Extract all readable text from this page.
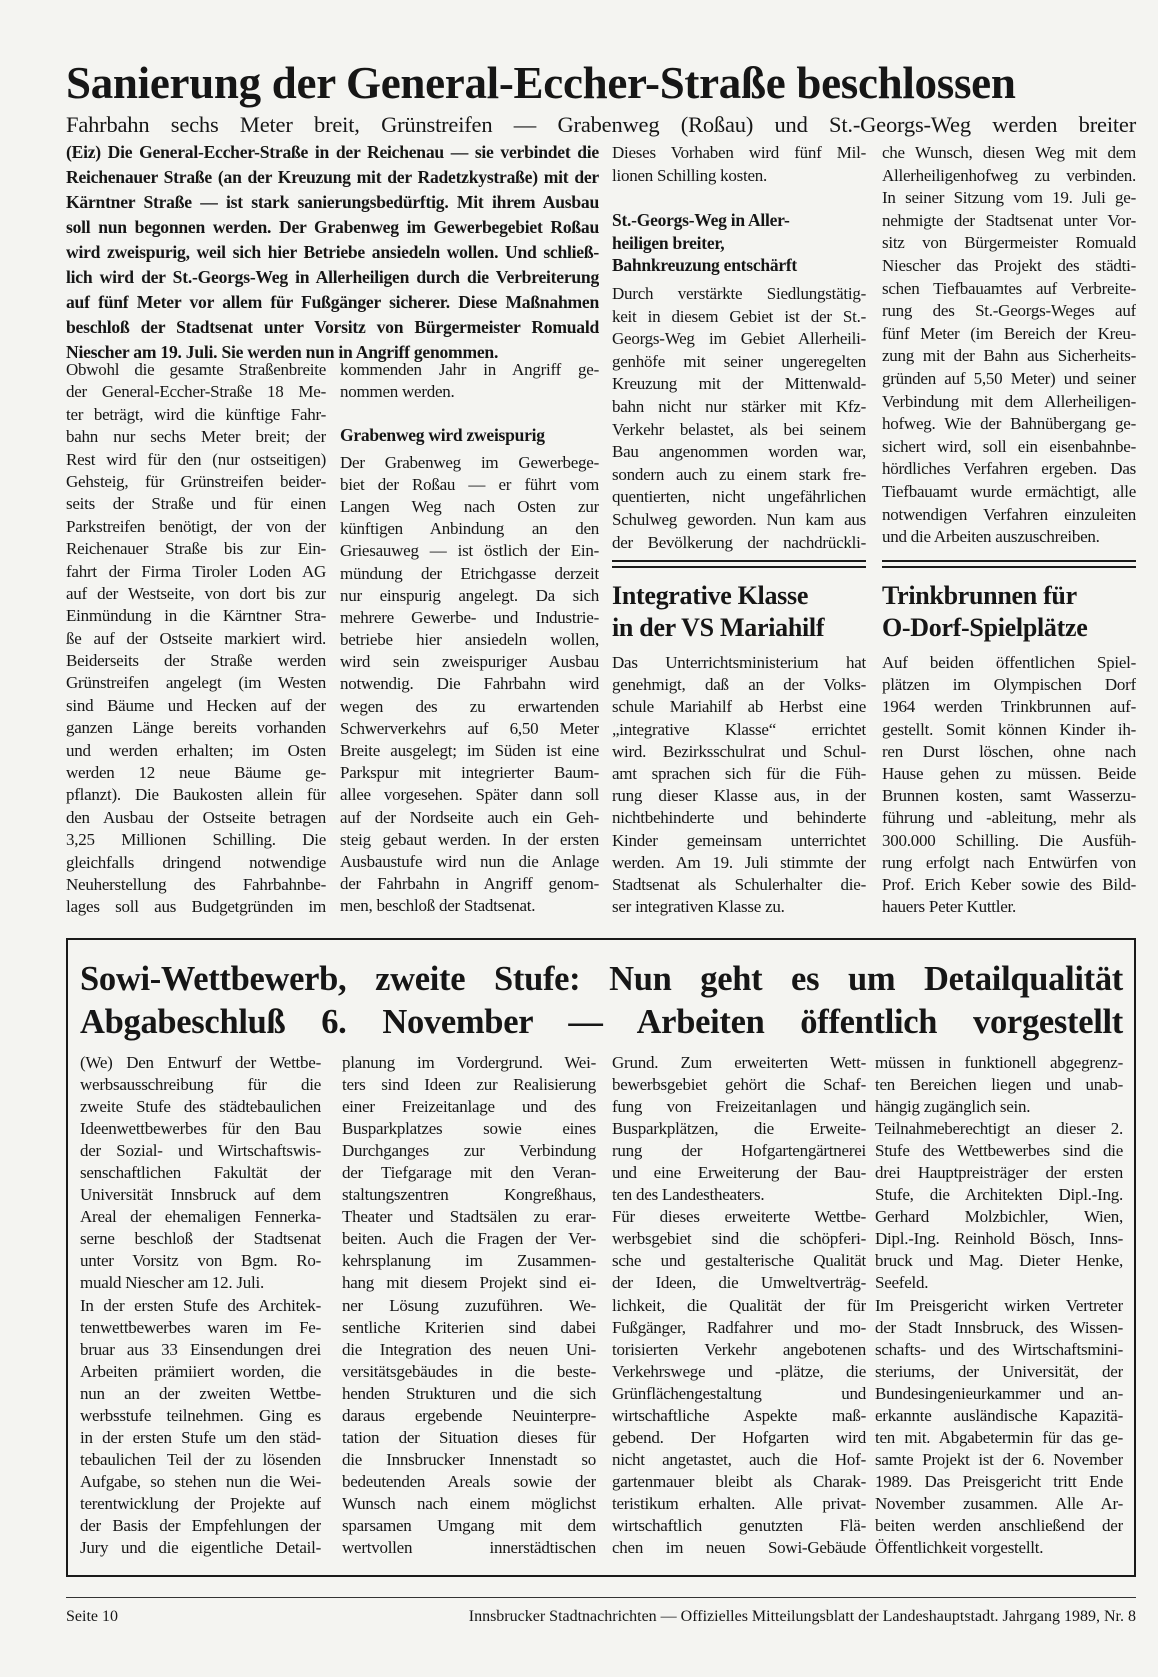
Sanierung der General-Eccher-Straße beschlossen
Fahrbahn sechs Meter breit, Grünstreifen — Grabenweg (Roßau) und St.-Georgs-Weg werden breiter
(Eiz) Die General-Eccher-Straße in der Reichenau — sie verbindet die
Reichenauer Straße (an der Kreuzung mit der Radetzkystraße) mit der
Kärntner Straße — ist stark sanierungsbedürftig. Mit ihrem Ausbau
soll nun begonnen werden. Der Grabenweg im Gewerbegebiet Roßau
wird zweispurig, weil sich hier Betriebe ansiedeln wollen. Und schließ-
lich wird der St.-Georgs-Weg in Allerheiligen durch die Verbreiterung
auf fünf Meter vor allem für Fußgänger sicherer. Diese Maßnahmen
beschloß der Stadtsenat unter Vorsitz von Bürgermeister Romuald
Niescher am 19. Juli. Sie werden nun in Angriff genommen.
Obwohl die gesamte Straßenbreite
der General-Eccher-Straße 18 Me-
ter beträgt, wird die künftige Fahr-
bahn nur sechs Meter breit; der
Rest wird für den (nur ostseitigen)
Gehsteig, für Grünstreifen beider-
seits der Straße und für einen
Parkstreifen benötigt, der von der
Reichenauer Straße bis zur Ein-
fahrt der Firma Tiroler Loden AG
auf der Westseite, von dort bis zur
Einmündung in die Kärntner Stra-
ße auf der Ostseite markiert wird.
Beiderseits der Straße werden
Grünstreifen angelegt (im Westen
sind Bäume und Hecken auf der
ganzen Länge bereits vorhanden
und werden erhalten; im Osten
werden 12 neue Bäume ge-
pflanzt). Die Baukosten allein für
den Ausbau der Ostseite betragen
3,25 Millionen Schilling. Die
gleichfalls dringend notwendige
Neuherstellung des Fahrbahnbe-
lages soll aus Budgetgründen im
kommenden Jahr in Angriff ge-
nommen werden.
Grabenweg wird zweispurig
Der Grabenweg im Gewerbege-
biet der Roßau — er führt vom
Langen Weg nach Osten zur
künftigen Anbindung an den
Griesauweg — ist östlich der Ein-
mündung der Etrichgasse derzeit
nur einspurig angelegt. Da sich
mehrere Gewerbe- und Industrie-
betriebe hier ansiedeln wollen,
wird sein zweispuriger Ausbau
notwendig. Die Fahrbahn wird
wegen des zu erwartenden
Schwerverkehrs auf 6,50 Meter
Breite ausgelegt; im Süden ist eine
Parkspur mit integrierter Baum-
allee vorgesehen. Später dann soll
auf der Nordseite auch ein Geh-
steig gebaut werden. In der ersten
Ausbaustufe wird nun die Anlage
der Fahrbahn in Angriff genom-
men, beschloß der Stadtsenat.
Dieses Vorhaben wird fünf Mil-
lionen Schilling kosten.
St.-Georgs-Weg in Aller-
heiligen breiter,
Bahnkreuzung entschärft
Durch verstärkte Siedlungstätig-
keit in diesem Gebiet ist der St.-
Georgs-Weg im Gebiet Allerheili-
genhöfe mit seiner ungeregelten
Kreuzung mit der Mittenwald-
bahn nicht nur stärker mit Kfz-
Verkehr belastet, als bei seinem
Bau angenommen worden war,
sondern auch zu einem stark fre-
quentierten, nicht ungefährlichen
Schulweg geworden. Nun kam aus
der Bevölkerung der nachdrückli-
che Wunsch, diesen Weg mit dem
Allerheiligenhofweg zu verbinden.
In seiner Sitzung vom 19. Juli ge-
nehmigte der Stadtsenat unter Vor-
sitz von Bürgermeister Romuald
Niescher das Projekt des städti-
schen Tiefbauamtes auf Verbreite-
rung des St.-Georgs-Weges auf
fünf Meter (im Bereich der Kreu-
zung mit der Bahn aus Sicherheits-
gründen auf 5,50 Meter) und seiner
Verbindung mit dem Allerheiligen-
hofweg. Wie der Bahnübergang ge-
sichert wird, soll ein eisenbahnbe-
hördliches Verfahren ergeben. Das
Tiefbauamt wurde ermächtigt, alle
notwendigen Verfahren einzuleiten
und die Arbeiten auszuschreiben.
Integrative Klasse
in der VS Mariahilf
Das Unterrichtsministerium hat
genehmigt, daß an der Volks-
schule Mariahilf ab Herbst eine
„integrative Klasse“ errichtet
wird. Bezirksschulrat und Schul-
amt sprachen sich für die Füh-
rung dieser Klasse aus, in der
nichtbehinderte und behinderte
Kinder gemeinsam unterrichtet
werden. Am 19. Juli stimmte der
Stadtsenat als Schulerhalter die-
ser integrativen Klasse zu.
Trinkbrunnen für
O-Dorf-Spielplätze
Auf beiden öffentlichen Spiel-
plätzen im Olympischen Dorf
1964 werden Trinkbrunnen auf-
gestellt. Somit können Kinder ih-
ren Durst löschen, ohne nach
Hause gehen zu müssen. Beide
Brunnen kosten, samt Wasserzu-
führung und -ableitung, mehr als
300.000 Schilling. Die Ausfüh-
rung erfolgt nach Entwürfen von
Prof. Erich Keber sowie des Bild-
hauers Peter Kuttler.
Sowi-Wettbewerb, zweite Stufe: Nun geht es um Detailqualität
Abgabeschluß 6. November — Arbeiten öffentlich vorgestellt
(We) Den Entwurf der Wettbe-
werbsausschreibung für die
zweite Stufe des städtebaulichen
Ideenwettbewerbes für den Bau
der Sozial- und Wirtschaftswis-
senschaftlichen Fakultät der
Universität Innsbruck auf dem
Areal der ehemaligen Fennerka-
serne beschloß der Stadtsenat
unter Vorsitz von Bgm. Ro-
muald Niescher am 12. Juli.
In der ersten Stufe des Architek-
tenwettbewerbes waren im Fe-
bruar aus 33 Einsendungen drei
Arbeiten prämiiert worden, die
nun an der zweiten Wettbe-
werbsstufe teilnehmen. Ging es
in der ersten Stufe um den städ-
tebaulichen Teil der zu lösenden
Aufgabe, so stehen nun die Wei-
terentwicklung der Projekte auf
der Basis der Empfehlungen der
Jury und die eigentliche Detail-
planung im Vordergrund. Wei-
ters sind Ideen zur Realisierung
einer Freizeitanlage und des
Busparkplatzes sowie eines
Durchganges zur Verbindung
der Tiefgarage mit den Veran-
staltungszentren Kongreßhaus,
Theater und Stadtsälen zu erar-
beiten. Auch die Fragen der Ver-
kehrsplanung im Zusammen-
hang mit diesem Projekt sind ei-
ner Lösung zuzuführen. We-
sentliche Kriterien sind dabei
die Integration des neuen Uni-
versitätsgebäudes in die beste-
henden Strukturen und die sich
daraus ergebende Neuinterpre-
tation der Situation dieses für
die Innsbrucker Innenstadt so
bedeutenden Areals sowie der
Wunsch nach einem möglichst
sparsamen Umgang mit dem
wertvollen innerstädtischen
Grund. Zum erweiterten Wett-
bewerbsgebiet gehört die Schaf-
fung von Freizeitanlagen und
Busparkplätzen, die Erweite-
rung der Hofgartengärtnerei
und eine Erweiterung der Bau-
ten des Landestheaters.
Für dieses erweiterte Wettbe-
werbsgebiet sind die schöpferi-
sche und gestalterische Qualität
der Ideen, die Umweltverträg-
lichkeit, die Qualität der für
Fußgänger, Radfahrer und mo-
torisierten Verkehr angebotenen
Verkehrswege und -plätze, die
Grünflächengestaltung und
wirtschaftliche Aspekte maß-
gebend. Der Hofgarten wird
nicht angetastet, auch die Hof-
gartenmauer bleibt als Charak-
teristikum erhalten. Alle privat-
wirtschaftlich genutzten Flä-
chen im neuen Sowi-Gebäude
müssen in funktionell abgegrenz-
ten Bereichen liegen und unab-
hängig zugänglich sein.
Teilnahmeberechtigt an dieser 2.
Stufe des Wettbewerbes sind die
drei Hauptpreisträger der ersten
Stufe, die Architekten Dipl.-Ing.
Gerhard Molzbichler, Wien,
Dipl.-Ing. Reinhold Bösch, Inns-
bruck und Mag. Dieter Henke,
Seefeld.
Im Preisgericht wirken Vertreter
der Stadt Innsbruck, des Wissen-
schafts- und des Wirtschaftsmini-
steriums, der Universität, der
Bundesingenieurkammer und an-
erkannte ausländische Kapazitä-
ten mit. Abgabetermin für das ge-
samte Projekt ist der 6. November
1989. Das Preisgericht tritt Ende
November zusammen. Alle Ar-
beiten werden anschließend der
Öffentlichkeit vorgestellt.
Seite 10	Innsbrucker Stadtnachrichten — Offizielles Mitteilungsblatt der Landeshauptstadt. Jahrgang 1989, Nr. 8
